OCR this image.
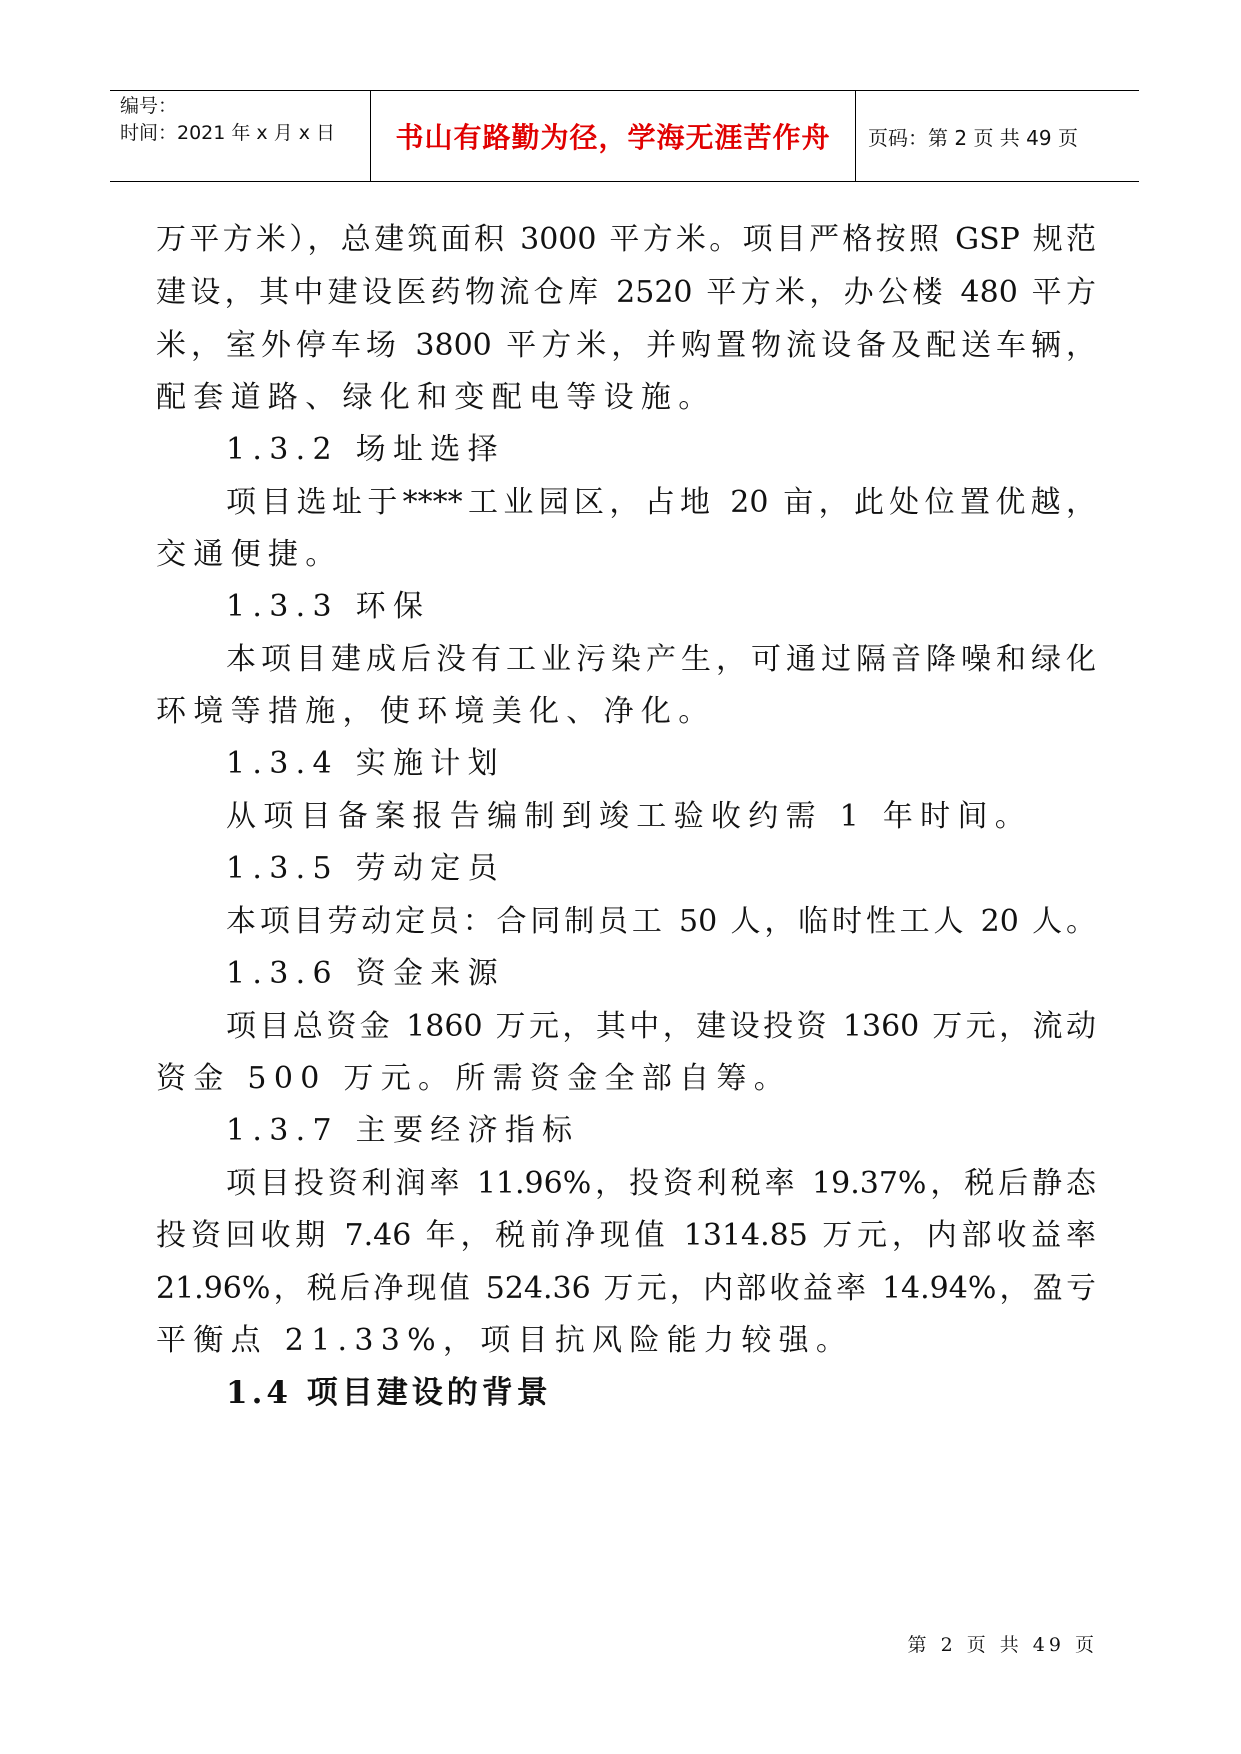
编号：
时间：2021 年 x 月 x 日	书山有路勤为径，学海无涯苦作舟 页码：第 2 页 共 49 页
万平方米），总建筑面积 3000 平方米。项目严格按照 GSP 规范
建设，其中建设医药物流仓库 2520 平方米，办公楼 480 平方
米，室外停车场 3800 平方米，并购置物流设备及配送车辆，
配套道路、绿化和变配电等设施。
1.3.2 场址选择
项目选址于****工业园区，占地 20 亩，此处位置优越，
交通便捷。
1.3.3 环保
本项目建成后没有工业污染产生，可通过隔音降噪和绿化
环境等措施，使环境美化、净化。
1.3.4 实施计划
从项目备案报告编制到竣工验收约需 1 年时间。
1.3.5 劳动定员
本项目劳动定员：合同制员工 50 人，临时性工人 20 人。
1.3.6 资金来源
项目总资金 1860 万元，其中，建设投资 1360 万元，流动
资金 500 万元。所需资金全部自筹。
1.3.7 主要经济指标
项目投资利润率 11.96%，投资利税率 19.37%，税后静态
投资回收期 7.46 年，税前净现值 1314.85 万元，内部收益率
21.96%，税后净现值 524.36 万元，内部收益率 14.94%，盈亏
平衡点 21.33%，项目抗风险能力较强。
1.4 项目建设的背景
第 2 页 共 49 页
